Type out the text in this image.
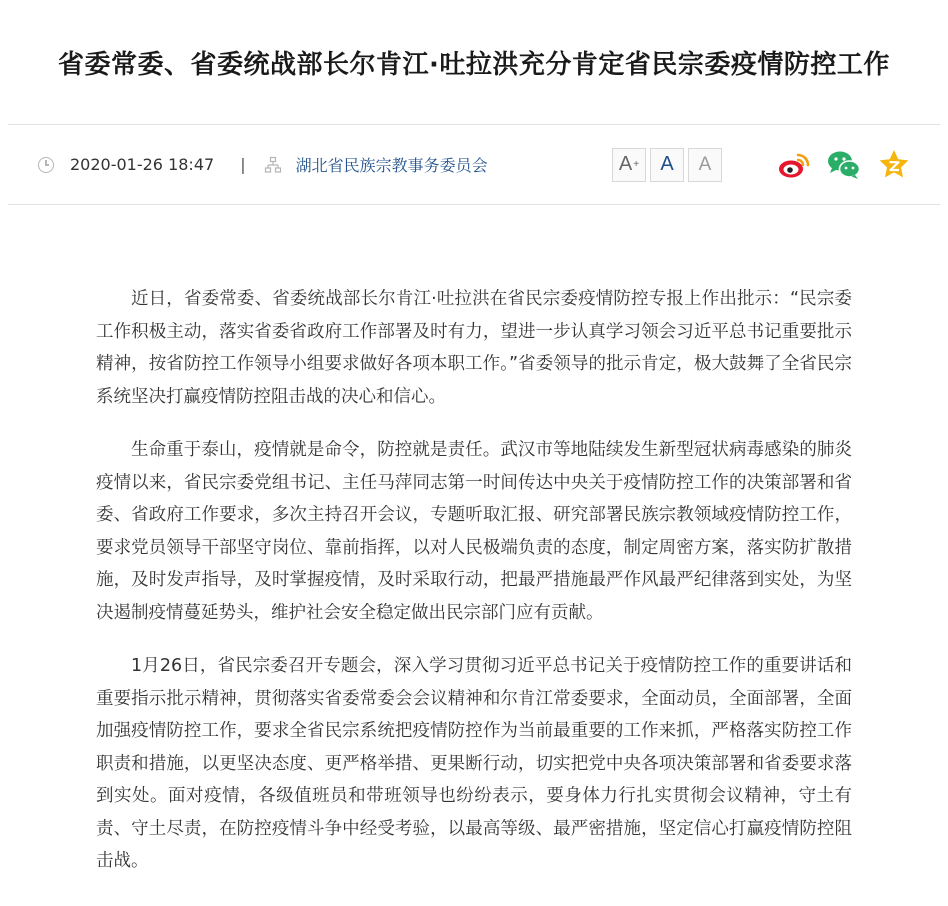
省委常委、省委统战部长尔肯江·吐拉洪充分肯定省民宗委疫情防控工作
2020-01-26 18:47 |	湖北省民族宗教事务委员会	A + A A

近日，省委常委、省委统战部长尔肯江·吐拉洪在省民宗委疫情防控专报上作出批示：“民宗委工作积极主动，落实省委省政府工作部署及时有力，望进一步认真学习领会习近平总书记重要批示精神，按省防控工作领导小组要求做好各项本职工作。”省委领导的批示肯定，极大鼓舞了全省民宗系统坚决打赢疫情防控阻击战的决心和信心。

生命重于泰山，疫情就是命令，防控就是责任。武汉市等地陆续发生新型冠状病毒感染的肺炎疫情以来，省民宗委党组书记、主任马萍同志第一时间传达中央关于疫情防控工作的决策部署和省委、省政府工作要求，多次主持召开会议，专题听取汇报、研究部署民族宗教领域疫情防控工作，要求党员领导干部坚守岗位、靠前指挥，以对人民极端负责的态度，制定周密方案，落实防扩散措施，及时发声指导，及时掌握疫情，及时采取行动，把最严措施最严作风最严纪律落到实处，为坚决遏制疫情蔓延势头，维护社会安全稳定做出民宗部门应有贡献。

1月26日，省民宗委召开专题会，深入学习贯彻习近平总书记关于疫情防控工作的重要讲话和重要指示批示精神，贯彻落实省委常委会会议精神和尔肯江常委要求，全面动员，全面部署，全面加强疫情防控工作，要求全省民宗系统把疫情防控作为当前最重要的工作来抓，严格落实防控工作职责和措施，以更坚决态度、更严格举措、更果断行动，切实把党中央各项决策部署和省委要求落到实处。面对疫情，各级值班员和带班领导也纷纷表示，要身体力行扎实贯彻会议精神，守土有责、守土尽责，在防控疫情斗争中经受考验，以最高等级、最严密措施，坚定信心打赢疫情防控阻击战。
